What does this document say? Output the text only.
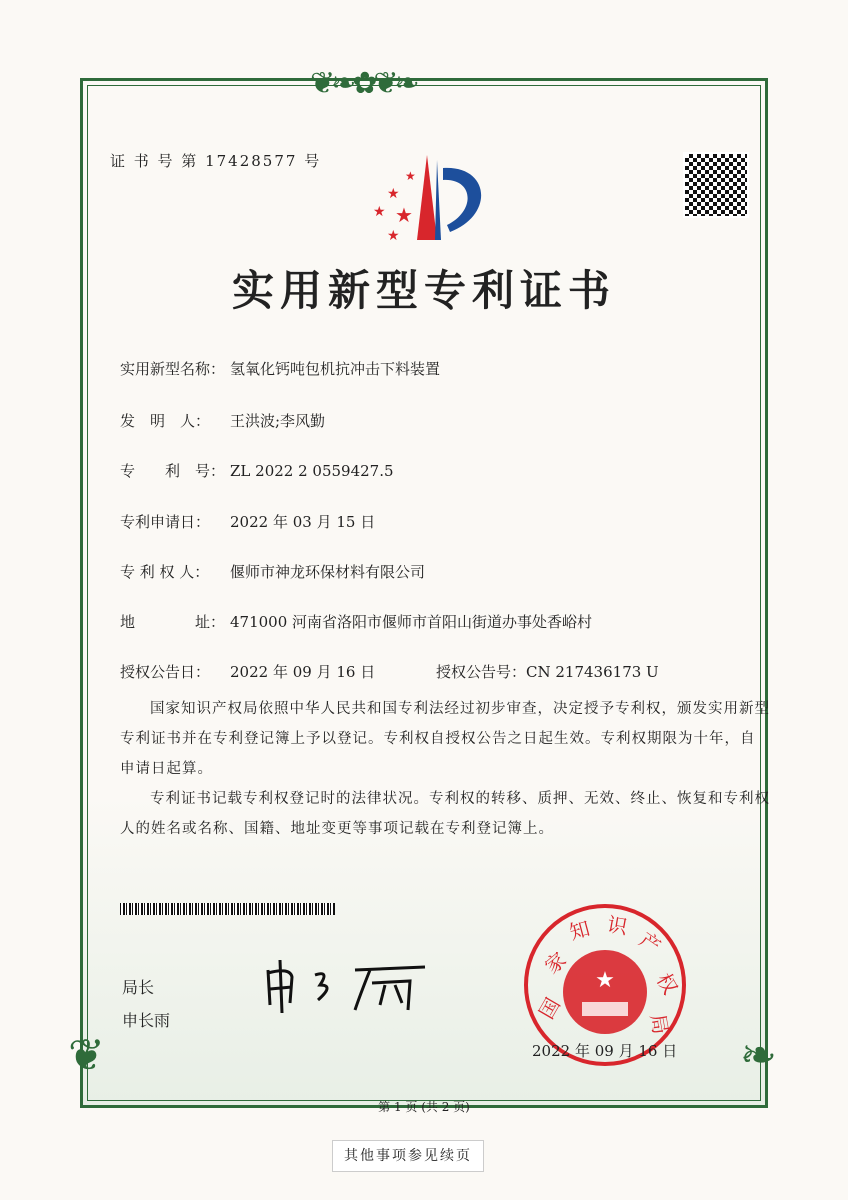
❦❧✿❦❧
❦	❧
证 书 号 第 17428577 号
★
★
★ ★
★
实用新型专利证书
实用新型名称： 氢氧化钙吨包机抗冲击下料装置
发　明　人： 王洪波;李风勤
专　　利　号： ZL 2022 2 0559427.5
专利申请日： 2022 年 03 月 15 日
专 利 权 人： 偃师市神龙环保材料有限公司
地　　　　址： 471000 河南省洛阳市偃师市首阳山街道办事处香峪村
授权公告日： 2022 年 09 月 16 日	授权公告号：CN 217436173 U
国家知识产权局依照中华人民共和国专利法经过初步审查，决定授予专利权，颁发实用新型专利证书并在专利登记簿上予以登记。专利权自授权公告之日起生效。专利权期限为十年，自申请日起算。
专利证书记载专利权登记时的法律状况。专利权的转移、质押、无效、终止、恢复和专利权人的姓名或名称、国籍、地址变更等事项记载在专利登记簿上。
局长
申长雨
★
国
家
知 识
产
权
局
2022 年 09 月 16 日
第 1 页 (共 2 页)
其他事项参见续页
